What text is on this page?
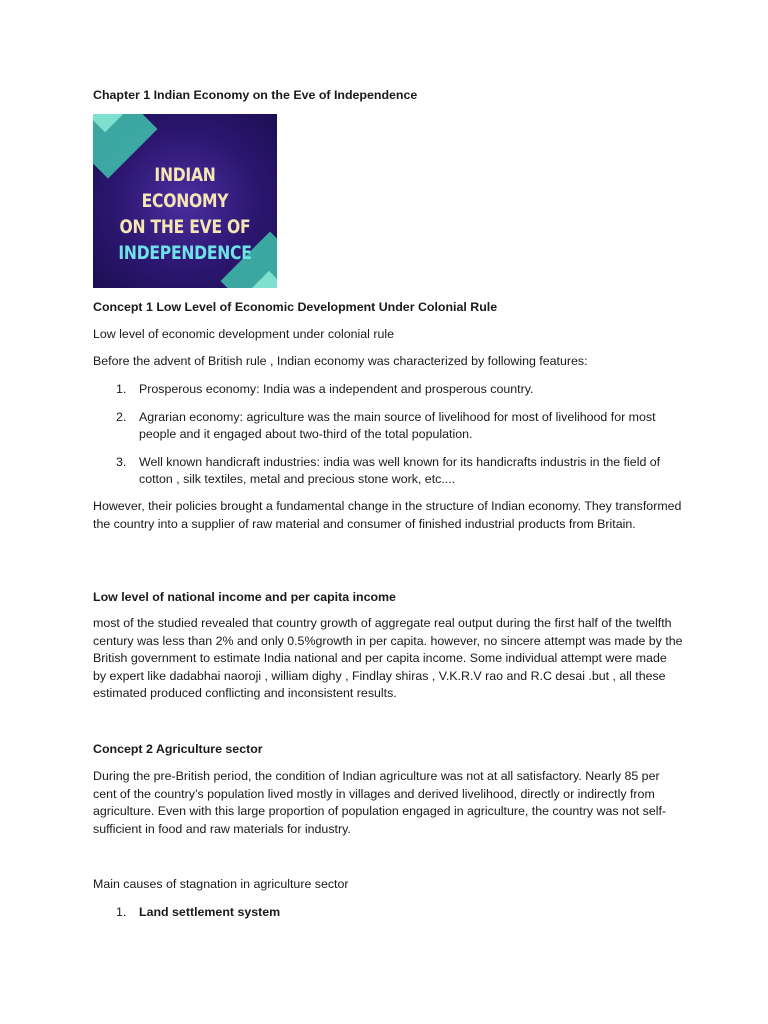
Chapter 1 Indian Economy on the Eve of Independence

INDIAN ECONOMY
ON THE EVE OF
INDEPENDENCE

Concept 1 Low Level of Economic Development Under Colonial Rule

Low level of economic development under colonial rule

Before the advent of British rule , Indian economy was characterized by following features:

1. Prosperous economy: India was a independent and prosperous country.
2. Agrarian economy: agriculture was the main source of livelihood for most of livelihood for most people and it engaged about two-third of the total population.
3. Well known handicraft industries: india was well known for its handicrafts industris in the field of cotton , silk textiles, metal and precious stone work, etc....

However, their policies brought a fundamental change in the structure of Indian economy. They transformed the country into a supplier of raw material and consumer of finished industrial products from Britain.

Low level of national income and per capita income

most of the studied revealed that country growth of aggregate real output during the first half of the twelfth century was less than 2% and only 0.5%growth in per capita. however, no sincere attempt was made by the British government to estimate India national and per capita income. Some individual attempt were made by expert like dadabhai naoroji , william dighy , Findlay shiras , V.K.R.V rao and R.C desai .but , all these estimated produced conflicting and inconsistent results.

Concept 2 Agriculture sector

During the pre-British period, the condition of Indian agriculture was not at all satisfactory. Nearly 85 per cent of the country’s population lived mostly in villages and derived livelihood, directly or indirectly from agriculture. Even with this large proportion of population engaged in agriculture, the country was not self-sufficient in food and raw materials for industry.

Main causes of stagnation in agriculture sector

1. Land settlement system
